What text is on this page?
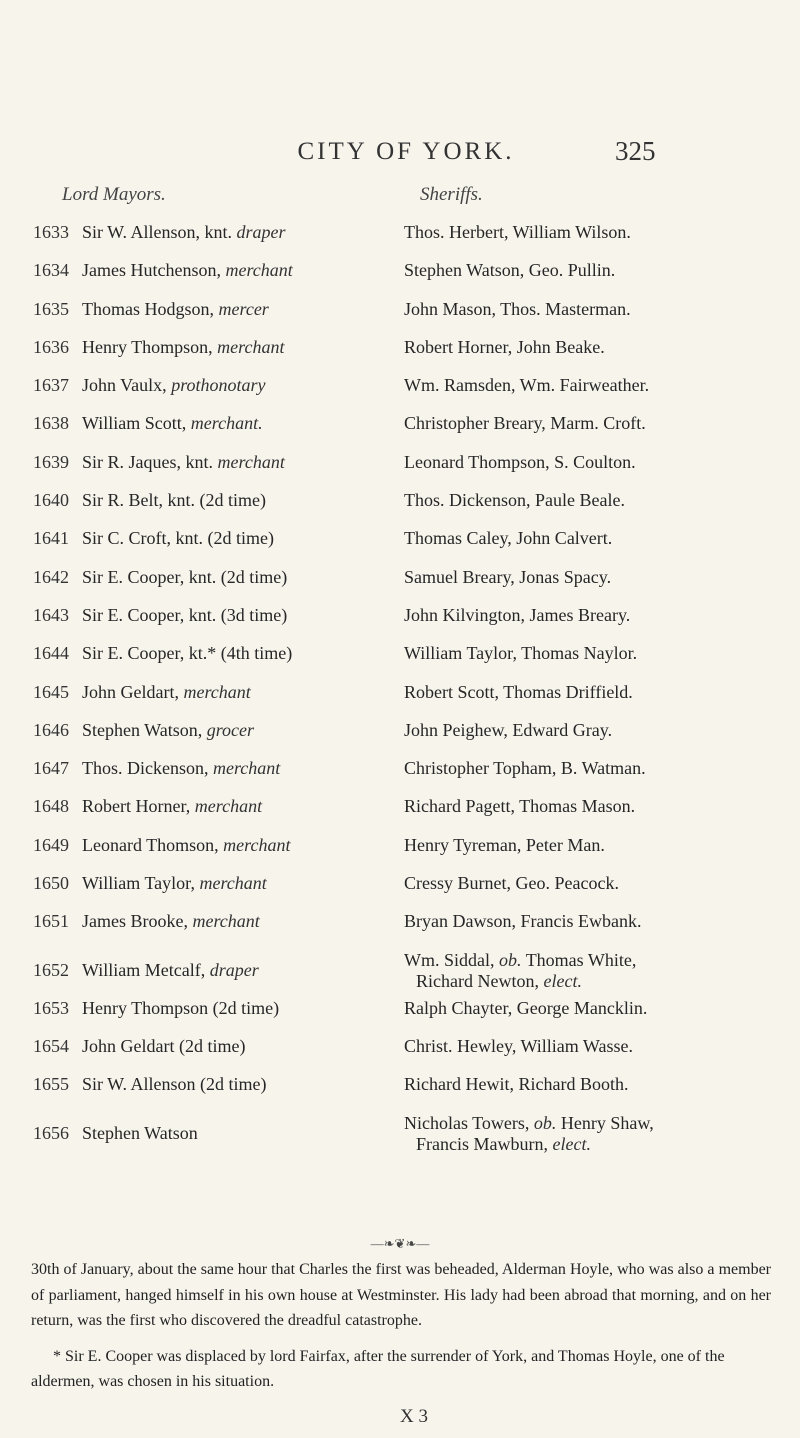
CITY OF YORK.	325
Lord Mayors.	Sheriffs.
1633 Sir W. Allenson, knt. draper	Thos. Herbert, William Wilson.
1634 James Hutchenson, merchant	Stephen Watson, Geo. Pullin.
1635 Thomas Hodgson, mercer	John Mason, Thos. Masterman.
1636 Henry Thompson, merchant	Robert Horner, John Beake.
1637 John Vaulx, prothonotary	Wm. Ramsden, Wm. Fairweather.
1638 William Scott, merchant.	Christopher Breary, Marm. Croft.
1639 Sir R. Jaques, knt. merchant	Leonard Thompson, S. Coulton.
1640 Sir R. Belt, knt. (2d time)	Thos. Dickenson, Paule Beale.
1641 Sir C. Croft, knt. (2d time)	Thomas Caley, John Calvert.
1642 Sir E. Cooper, knt. (2d time)	Samuel Breary, Jonas Spacy.
1643 Sir E. Cooper, knt. (3d time)	John Kilvington, James Breary.
1644 Sir E. Cooper, kt.* (4th time)	William Taylor, Thomas Naylor.
1645 John Geldart, merchant	Robert Scott, Thomas Driffield.
1646 Stephen Watson, grocer	John Peighew, Edward Gray.
1647 Thos. Dickenson, merchant	Christopher Topham, B. Watman.
1648 Robert Horner, merchant	Richard Pagett, Thomas Mason.
1649 Leonard Thomson, merchant	Henry Tyreman, Peter Man.
1650 William Taylor, merchant	Cressy Burnet, Geo. Peacock.
1651 James Brooke, merchant	Bryan Dawson, Francis Ewbank.
1652 William Metcalf, draper	Wm. Siddal, ob. Thomas White,
Richard Newton, elect.
1653 Henry Thompson (2d time)	Ralph Chayter, George Mancklin.
1654 John Geldart (2d time)	Christ. Hewley, William Wasse.
1655 Sir W. Allenson (2d time)	Richard Hewit, Richard Booth.
1656 Stephen Watson	Nicholas Towers, ob. Henry Shaw,
Francis Mawburn, elect.
—❧❦❧—

30th of January, about the same hour that Charles the first was beheaded, Alderman Hoyle, who was also a member of parliament, hanged himself in his own house at Westminster. His lady had been abroad that morning, and on her return, was the first who discovered the dreadful catastrophe.

* Sir E. Cooper was displaced by lord Fairfax, after the surrender of York, and Thomas Hoyle, one of the aldermen, was chosen in his situation.

X 3
